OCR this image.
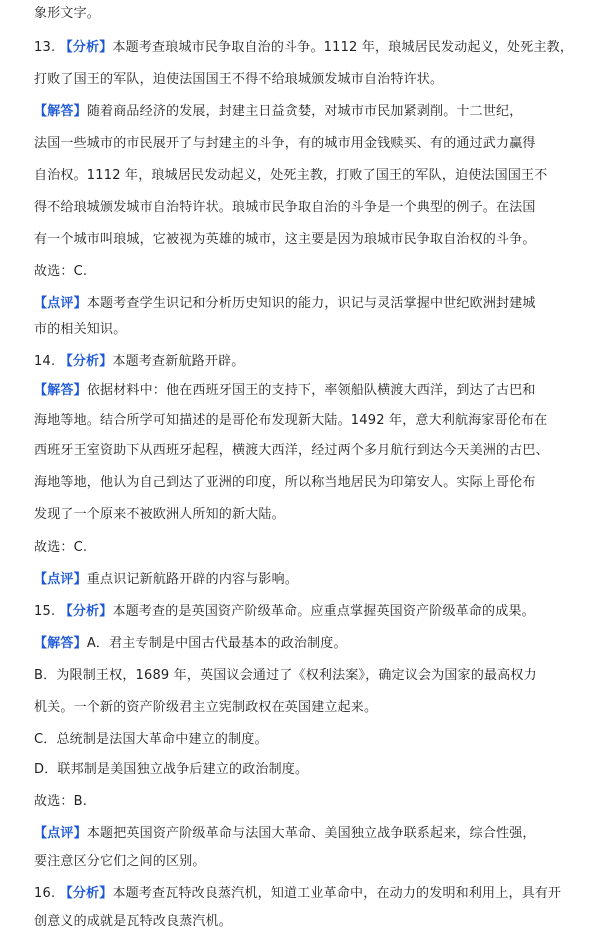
象形文字。
13. 【分析】本题考查琅城市民争取自治的斗争。1112 年，琅城居民发动起义，处死主教，
打败了国王的军队，迫使法国国王不得不给琅城颁发城市自治特许状。
【解答】随着商品经济的发展，封建主日益贪婪，对城市市民加紧剥削。十二世纪，
法国一些城市的市民展开了与封建主的斗争，有的城市用金钱赎买、有的通过武力赢得
自治权。1112 年，琅城居民发动起义，处死主教，打败了国王的军队，迫使法国国王不
得不给琅城颁发城市自治特许状。琅城市民争取自治的斗争是一个典型的例子。在法国
有一个城市叫琅城，它被视为英雄的城市，这主要是因为琅城市民争取自治权的斗争。
故选：C.
【点评】本题考查学生识记和分析历史知识的能力，识记与灵活掌握中世纪欧洲封建城
市的相关知识。
14. 【分析】本题考查新航路开辟。
【解答】依据材料中：他在西班牙国王的支持下，率领船队横渡大西洋，到达了古巴和
海地等地。结合所学可知描述的是哥伦布发现新大陆。1492 年，意大利航海家哥伦布在
西班牙王室资助下从西班牙起程，横渡大西洋，经过两个多月航行到达今天美洲的古巴、
海地等地，他认为自己到达了亚洲的印度，所以称当地居民为印第安人。实际上哥伦布
发现了一个原来不被欧洲人所知的新大陆。
故选：C.
【点评】重点识记新航路开辟的内容与影响。
15. 【分析】本题考查的是英国资产阶级革命。应重点掌握英国资产阶级革命的成果。
【解答】A．君主专制是中国古代最基本的政治制度。
B．为限制王权，1689 年，英国议会通过了《权利法案》，确定议会为国家的最高权力
机关。一个新的资产阶级君主立宪制政权在英国建立起来。
C．总统制是法国大革命中建立的制度。
D．联邦制是美国独立战争后建立的政治制度。
故选：B.
【点评】本题把英国资产阶级革命与法国大革命、美国独立战争联系起来，综合性强，
要注意区分它们之间的区别。
16. 【分析】本题考查瓦特改良蒸汽机，知道工业革命中，在动力的发明和利用上，具有开
创意义的成就是瓦特改良蒸汽机。
